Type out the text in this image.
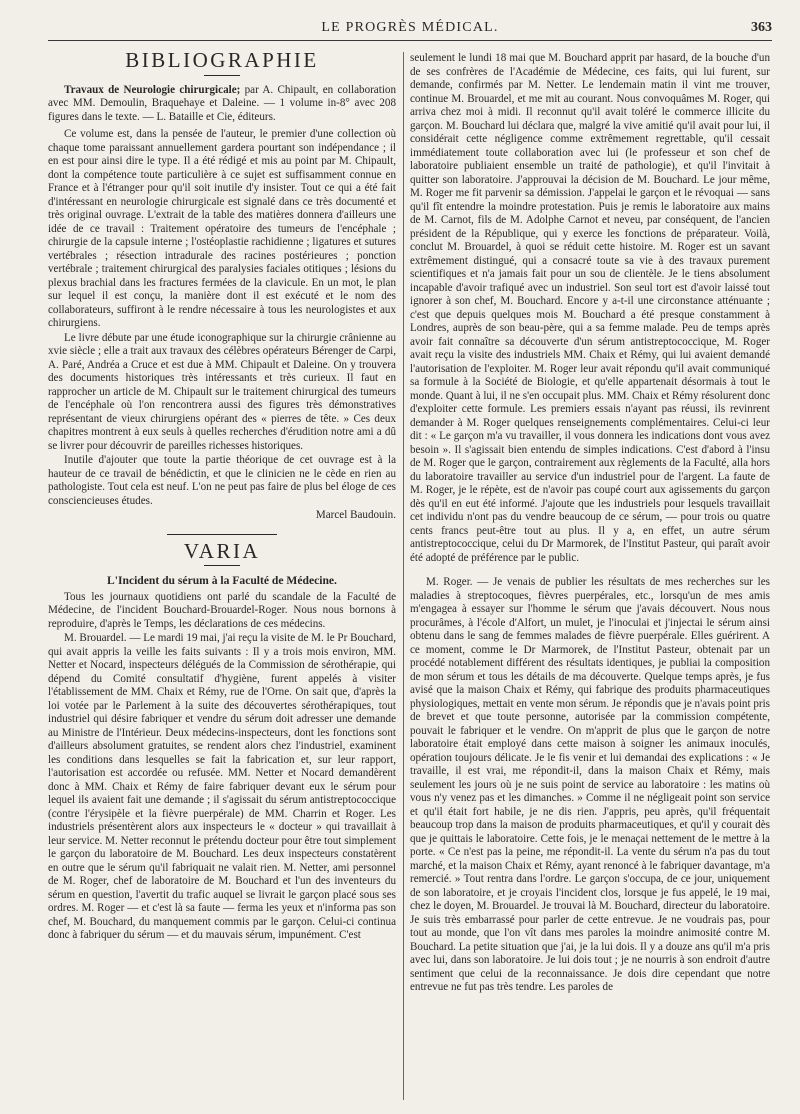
LE PROGRÈS MÉDICAL.	363
BIBLIOGRAPHIE

Travaux de Neurologie chirurgicale; par A. Chipault, en collaboration avec MM. Demoulin, Braquehaye et Daleine. — 1 volume in-8° avec 208 figures dans le texte. — L. Bataille et Cie, éditeurs.

Ce volume est, dans la pensée de l'auteur, le premier d'une collection où chaque tome paraissant annuellement gardera pourtant son indépendance ; il en est pour ainsi dire le type. Il a été rédigé et mis au point par M. Chipault, dont la compétence toute particulière à ce sujet est suffisamment connue en France et à l'étranger pour qu'il soit inutile d'y insister. Tout ce qui a été fait d'intéressant en neurologie chirurgicale est signalé dans ce très documenté et très original ouvrage. L'extrait de la table des matières donnera d'ailleurs une idée de ce travail : Traitement opératoire des tumeurs de l'encéphale ; chirurgie de la capsule interne ; l'ostéoplastie rachidienne ; ligatures et sutures vertébrales ; résection intradurale des racines postérieures ; ponction vertébrale ; traitement chirurgical des paralysies faciales otitiques ; lésions du plexus brachial dans les fractures fermées de la clavicule. En un mot, le plan sur lequel il est conçu, la manière dont il est exécuté et le nom des collaborateurs, suffiront à le rendre nécessaire à tous les neurologistes et aux chirurgiens.

Le livre débute par une étude iconographique sur la chirurgie crânienne au xvie siècle ; elle a trait aux travaux des célèbres opérateurs Bérenger de Carpi, A. Paré, Andréa a Cruce et est due à MM. Chipault et Daleine. On y trouvera des documents historiques très intéressants et très curieux. Il faut en rapprocher un article de M. Chipault sur le traitement chirurgical des tumeurs de l'encéphale où l'on rencontrera aussi des figures très démonstratives représentant de vieux chirurgiens opérant des « pierres de tête. » Ces deux chapitres montrent à eux seuls à quelles recherches d'érudition notre ami a dû se livrer pour découvrir de pareilles richesses historiques.

Inutile d'ajouter que toute la partie théorique de cet ouvrage est à la hauteur de ce travail de bénédictin, et que le clinicien ne le cède en rien au pathologiste. Tout cela est neuf. L'on ne peut pas faire de plus bel éloge de ces consciencieuses études.

Marcel Baudouin.

VARIA
L'Incident du sérum à la Faculté de Médecine.

Tous les journaux quotidiens ont parlé du scandale de la Faculté de Médecine, de l'incident Bouchard-Brouardel-Roger. Nous nous bornons à reproduire, d'après le Temps, les déclarations de ces médecins.

M. Brouardel. — Le mardi 19 mai, j'ai reçu la visite de M. le Pr Bouchard, qui avait appris la veille les faits suivants : Il y a trois mois environ, MM. Netter et Nocard, inspecteurs délégués de la Commission de sérothérapie, qui dépend du Comité consultatif d'hygiène, furent appelés à visiter l'établissement de MM. Chaix et Rémy, rue de l'Orne. On sait que, d'après la loi votée par le Parlement à la suite des découvertes sérothérapiques, tout industriel qui désire fabriquer et vendre du sérum doit adresser une demande au Ministre de l'Intérieur. Deux médecins-inspecteurs, dont les fonctions sont d'ailleurs absolument gratuites, se rendent alors chez l'industriel, examinent les conditions dans lesquelles se fait la fabrication et, sur leur rapport, l'autorisation est accordée ou refusée. MM. Netter et Nocard demandèrent donc à MM. Chaix et Rémy de faire fabriquer devant eux le sérum pour lequel ils avaient fait une demande ; il s'agissait du sérum antistreptococcique (contre l'érysipèle et la fièvre puerpérale) de MM. Charrin et Roger. Les industriels présentèrent alors aux inspecteurs le « docteur » qui travaillait à leur service. M. Netter reconnut le prétendu docteur pour être tout simplement le garçon du laboratoire de M. Bouchard. Les deux inspecteurs constatèrent en outre que le sérum qu'il fabriquait ne valait rien. M. Netter, ami personnel de M. Roger, chef de laboratoire de M. Bouchard et l'un des inventeurs du sérum en question, l'avertit du trafic auquel se livrait le garçon placé sous ses ordres. M. Roger — et c'est là sa faute — ferma les yeux et n'informa pas son chef, M. Bouchard, du manquement commis par le garçon. Celui-ci continua donc à fabriquer du sérum — et du mauvais sérum, impunément. C'est

seulement le lundi 18 mai que M. Bouchard apprit par hasard, de la bouche d'un de ses confrères de l'Académie de Médecine, ces faits, qui lui furent, sur demande, confirmés par M. Netter. Le lendemain matin il vint me trouver, continue M. Brouardel, et me mit au courant. Nous convoquâmes M. Roger, qui arriva chez moi à midi. Il reconnut qu'il avait toléré le commerce illicite du garçon. M. Bouchard lui déclara que, malgré la vive amitié qu'il avait pour lui, il considérait cette négligence comme extrêmement regrettable, qu'il cessait immédiatement toute collaboration avec lui (le professeur et son chef de laboratoire publiaient ensemble un traité de pathologie), et qu'il l'invitait à quitter son laboratoire. J'approuvai la décision de M. Bouchard. Le jour même, M. Roger me fit parvenir sa démission. J'appelai le garçon et le révoquai — sans qu'il fît entendre la moindre protestation. Puis je remis le laboratoire aux mains de M. Carnot, fils de M. Adolphe Carnot et neveu, par conséquent, de l'ancien président de la République, qui y exerce les fonctions de préparateur. Voilà, conclut M. Brouardel, à quoi se réduit cette histoire. M. Roger est un savant extrêmement distingué, qui a consacré toute sa vie à des travaux purement scientifiques et n'a jamais fait pour un sou de clientèle. Je le tiens absolument incapable d'avoir trafiqué avec un industriel. Son seul tort est d'avoir laissé tout ignorer à son chef, M. Bouchard. Encore y a-t-il une circonstance atténuante ; c'est que depuis quelques mois M. Bouchard a été presque constamment à Londres, auprès de son beau-père, qui a sa femme malade. Peu de temps après avoir fait connaître sa découverte d'un sérum antistreptococcique, M. Roger avait reçu la visite des industriels MM. Chaix et Rémy, qui lui avaient demandé l'autorisation de l'exploiter. M. Roger leur avait répondu qu'il avait communiqué sa formule à la Société de Biologie, et qu'elle appartenait désormais à tout le monde. Quant à lui, il ne s'en occupait plus. MM. Chaix et Rémy résolurent donc d'exploiter cette formule. Les premiers essais n'ayant pas réussi, ils revinrent demander à M. Roger quelques renseignements complémentaires. Celui-ci leur dit : « Le garçon m'a vu travailler, il vous donnera les indications dont vous avez besoin ». Il s'agissait bien entendu de simples indications. C'est d'abord à l'insu de M. Roger que le garçon, contrairement aux règlements de la Faculté, alla hors du laboratoire travailler au service d'un industriel pour de l'argent. La faute de M. Roger, je le répète, est de n'avoir pas coupé court aux agissements du garçon dès qu'il en eut été informé. J'ajoute que les industriels pour lesquels travaillait cet individu n'ont pas du vendre beaucoup de ce sérum, — pour trois ou quatre cents francs peut-être tout au plus. Il y a, en effet, un autre sérum antistreptococcique, celui du Dr Marmorek, de l'Institut Pasteur, qui paraît avoir été adopté de préférence par le public.

M. Roger. — Je venais de publier les résultats de mes recherches sur les maladies à streptocoques, fièvres puerpérales, etc., lorsqu'un de mes amis m'engagea à essayer sur l'homme le sérum que j'avais découvert. Nous nous procurâmes, à l'école d'Alfort, un mulet, je l'inoculai et j'injectai le sérum ainsi obtenu dans le sang de femmes malades de fièvre puerpérale. Elles guérirent. A ce moment, comme le Dr Marmorek, de l'Institut Pasteur, obtenait par un procédé notablement différent des résultats identiques, je publiai la composition de mon sérum et tous les détails de ma découverte. Quelque temps après, je fus avisé que la maison Chaix et Rémy, qui fabrique des produits pharmaceutiques physiologiques, mettait en vente mon sérum. Je répondis que je n'avais point pris de brevet et que toute personne, autorisée par la commission compétente, pouvait le fabriquer et le vendre. On m'apprit de plus que le garçon de notre laboratoire était employé dans cette maison à soigner les animaux inoculés, opération toujours délicate. Je le fis venir et lui demandai des explications : « Je travaille, il est vrai, me répondit-il, dans la maison Chaix et Rémy, mais seulement les jours où je ne suis point de service au laboratoire : les matins où vous n'y venez pas et les dimanches. » Comme il ne négligeait point son service et qu'il était fort habile, je ne dis rien. J'appris, peu après, qu'il fréquentait beaucoup trop dans la maison de produits pharmaceutiques, et qu'il y courait dès que je quittais le laboratoire. Cette fois, je le menaçai nettement de le mettre à la porte. « Ce n'est pas la peine, me répondit-il. La vente du sérum n'a pas du tout marché, et la maison Chaix et Rémy, ayant renoncé à le fabriquer davantage, m'a remercié. » Tout rentra dans l'ordre. Le garçon s'occupa, de ce jour, uniquement de son laboratoire, et je croyais l'incident clos, lorsque je fus appelé, le 19 mai, chez le doyen, M. Brouardel. Je trouvai là M. Bouchard, directeur du laboratoire. Je suis très embarrassé pour parler de cette entrevue. Je ne voudrais pas, pour tout au monde, que l'on vît dans mes paroles la moindre animosité contre M. Bouchard. La petite situation que j'ai, je la lui dois. Il y a douze ans qu'il m'a pris avec lui, dans son laboratoire. Je lui dois tout ; je ne nourris à son endroit d'autre sentiment que celui de la reconnaissance. Je dois dire cependant que notre entrevue ne fut pas très tendre. Les paroles de
